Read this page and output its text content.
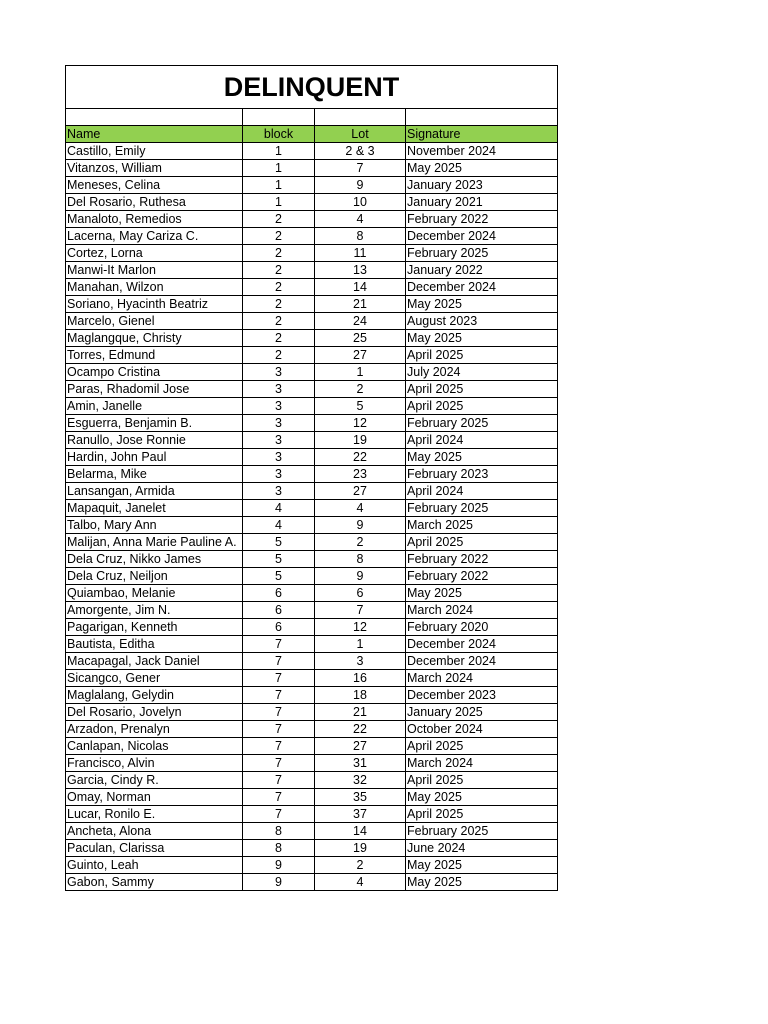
DELINQUENT			

Name	block	Lot	Signature
Castillo, Emily	1	2 & 3	November 2024
Vitanzos, William	1	7	May 2025
Meneses, Celina	1	9	January 2023
Del Rosario, Ruthesa	1	10	January 2021
Manaloto, Remedios	2	4	February 2022
Lacerna, May Cariza C.	2	8	December 2024
Cortez, Lorna	2	11	February 2025
Manwi-It Marlon	2	13	January 2022
Manahan, Wilzon	2	14	December 2024
Soriano, Hyacinth Beatriz	2	21	May 2025
Marcelo, Gienel	2	24	August 2023
Maglangque, Christy	2	25	May 2025
Torres, Edmund	2	27	April 2025
Ocampo Cristina	3	1	July 2024
Paras, Rhadomil Jose	3	2	April 2025
Amin, Janelle	3	5	April 2025
Esguerra, Benjamin B.	3	12	February 2025
Ranullo, Jose Ronnie	3	19	April 2024
Hardin, John Paul	3	22	May 2025
Belarma, Mike	3	23	February 2023
Lansangan, Armida	3	27	April 2024
Mapaquit, Janelet	4	4	February 2025
Talbo, Mary Ann	4	9	March 2025
Malijan, Anna Marie Pauline A.	5	2	April 2025
Dela Cruz, Nikko James	5	8	February 2022
Dela Cruz, Neiljon	5	9	February 2022
Quiambao, Melanie	6	6	May 2025
Amorgente, Jim N.	6	7	March 2024
Pagarigan, Kenneth	6	12	February 2020
Bautista, Editha	7	1	December 2024
Macapagal, Jack Daniel	7	3	December 2024
Sicangco, Gener	7	16	March 2024
Maglalang, Gelydin	7	18	December 2023
Del Rosario, Jovelyn	7	21	January 2025
Arzadon, Prenalyn	7	22	October 2024
Canlapan, Nicolas	7	27	April 2025
Francisco, Alvin	7	31	March 2024
Garcia, Cindy R.	7	32	April 2025
Omay, Norman	7	35	May 2025
Lucar, Ronilo E.	7	37	April 2025
Ancheta, Alona	8	14	February 2025
Paculan, Clarissa	8	19	June 2024
Guinto, Leah	9	2	May 2025
Gabon, Sammy	9	4	May 2025
